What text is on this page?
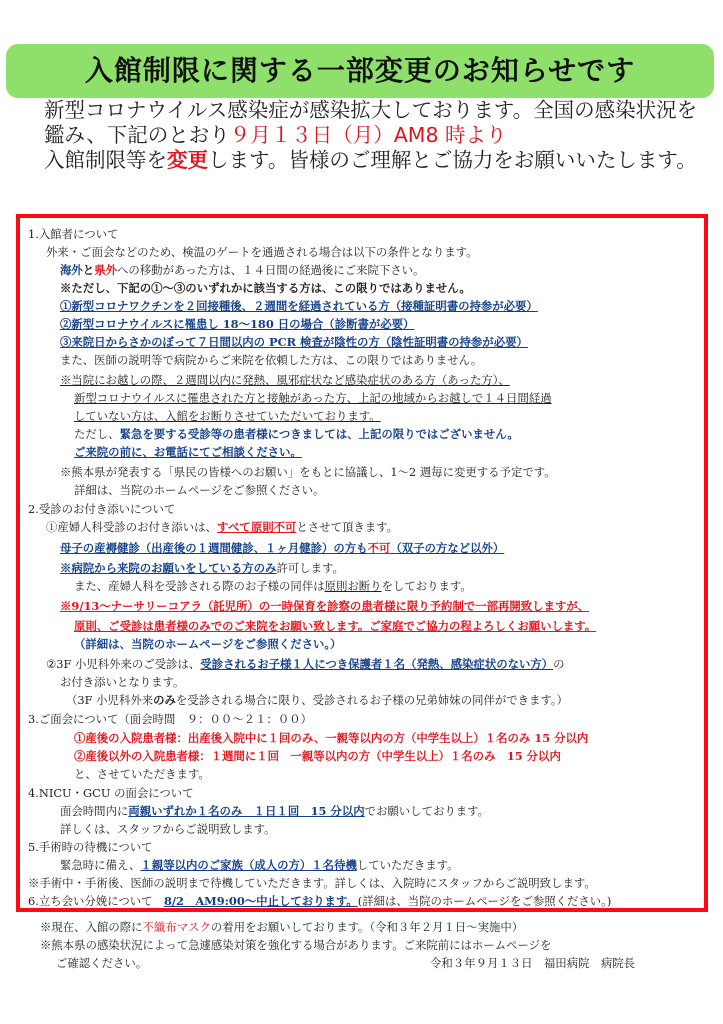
入館制限に関する一部変更のお知らせです
新型コロナウイルス感染症が感染拡大しております。全国の感染状況を鑑み、下記のとおり９月１３日（月）AM8 時より
入館制限等を変更します。皆様のご理解とご協力をお願いいたします。
1.入館者について
外来・ご面会などのため、検温のゲートを通過される場合は以下の条件となります。
海外と県外への移動があった方は、１４日間の経過後にご来院下さい。
※ただし、下記の①～③のいずれかに該当する方は、この限りではありません。
①新型コロナワクチンを２回接種後、２週間を経過されている方（接種証明書の持参が必要）
②新型コロナウイルスに罹患し 18～180 日の場合（診断書が必要）
③来院日からさかのぼって７日間以内の PCR 検査が陰性の方（陰性証明書の持参が必要）
また、医師の説明等で病院からご来院を依頼した方は、この限りではありません。
※当院にお越しの際、２週間以内に発熱、風邪症状など感染症状のある方（あった方）、
新型コロナウイルスに罹患された方と接触があった方、上記の地域からお越しで１４日間経過
していない方は、入館をお断りさせていただいております。
ただし、緊急を要する受診等の患者様につきましては、上記の限りではございません。
ご来院の前に、お電話にてご相談ください。
※熊本県が発表する「県民の皆様へのお願い」をもとに協議し、1～2 週毎に変更する予定です。
詳細は、当院のホームページをご参照ください。
2.受診のお付き添いについて
①産婦人科受診のお付き添いは、すべて原則不可とさせて頂きます。
母子の産褥健診（出産後の１週間健診、１ヶ月健診）の方も不可（双子の方など以外）
※病院から来院のお願いをしている方のみ許可します。
また、産婦人科を受診される際のお子様の同伴は原則お断りをしております。
※9/13～ナーサリーコアラ（託児所）の一時保育を診察の患者様に限り予約制で一部再開致しますが、
原則、ご受診は患者様のみでのご来院をお願い致します。ご家庭でご協力の程よろしくお願いします。
（詳細は、当院のホームページをご参照ください。）
②3F 小児科外来のご受診は、受診されるお子様１人につき保護者１名（発熱、感染症状のない方）の
お付き添いとなります。
（3F 小児科外来のみを受診される場合に限り、受診されるお子様の兄弟姉妹の同伴ができます。）
3.ご面会について（面会時間　９：００～２１：００）
①産後の入院患者様：出産後入院中に１回のみ、一親等以内の方（中学生以上）１名のみ 15 分以内
②産後以外の入院患者様：１週間に１回　一親等以内の方（中学生以上）１名のみ　15 分以内
と、させていただきます。
4.NICU・GCU の面会について
面会時間内に両親いずれか１名のみ　１日１回　15 分以内でお願いしております。
詳しくは、スタッフからご説明致します。
5.手術時の待機について
緊急時に備え、１親等以内のご家族（成人の方）１名待機していただきます。
※手術中・手術後、医師の説明まで待機していただきます。詳しくは、入院時にスタッフからご説明致します。
6.立ち会い分娩について　8/2　AM9:00～中止しております。(詳細は、当院のホームページをご参照ください。)
※現在、入館の際に不織布マスクの着用をお願いしております。（令和３年２月１日～実施中）
※熊本県の感染状況によって急遽感染対策を強化する場合があります。ご来院前にはホームページを
ご確認ください。	令和３年９月１３日　福田病院　病院長
